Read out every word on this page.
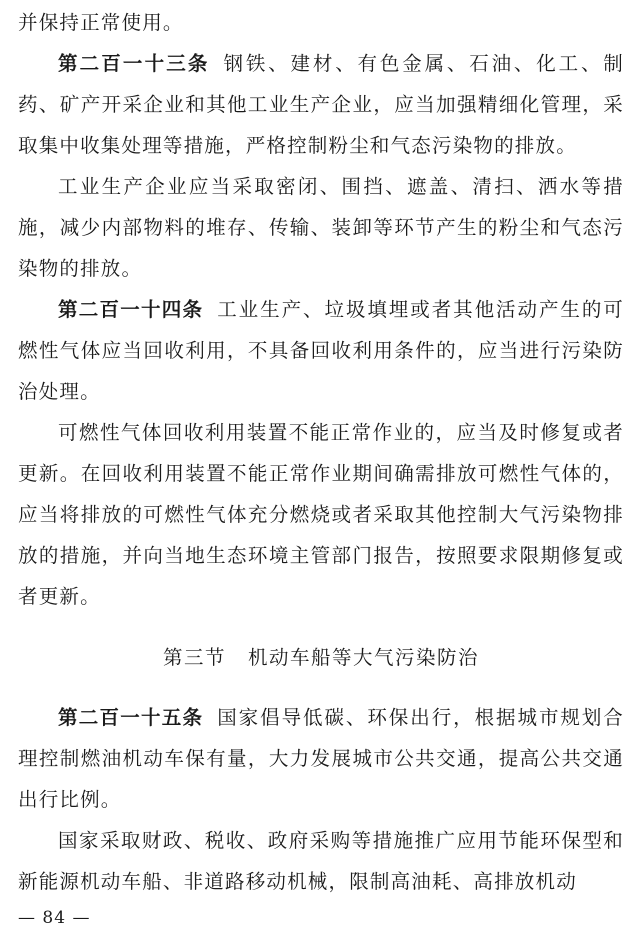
并保持正常使用。

第二百一十三条 钢铁、建材、有色金属、石油、化工、制药、矿产开采企业和其他工业生产企业，应当加强精细化管理，采取集中收集处理等措施，严格控制粉尘和气态污染物的排放。

工业生产企业应当采取密闭、围挡、遮盖、清扫、洒水等措施，减少内部物料的堆存、传输、装卸等环节产生的粉尘和气态污染物的排放。

第二百一十四条 工业生产、垃圾填埋或者其他活动产生的可燃性气体应当回收利用，不具备回收利用条件的，应当进行污染防治处理。

可燃性气体回收利用装置不能正常作业的，应当及时修复或者更新。在回收利用装置不能正常作业期间确需排放可燃性气体的，应当将排放的可燃性气体充分燃烧或者采取其他控制大气污染物排放的措施，并向当地生态环境主管部门报告，按照要求限期修复或者更新。

第三节 机动车船等大气污染防治

第二百一十五条 国家倡导低碳、环保出行，根据城市规划合理控制燃油机动车保有量，大力发展城市公共交通，提高公共交通出行比例。

国家采取财政、税收、政府采购等措施推广应用节能环保型和新能源机动车船、非道路移动机械，限制高油耗、高排放机动

— 84 —
